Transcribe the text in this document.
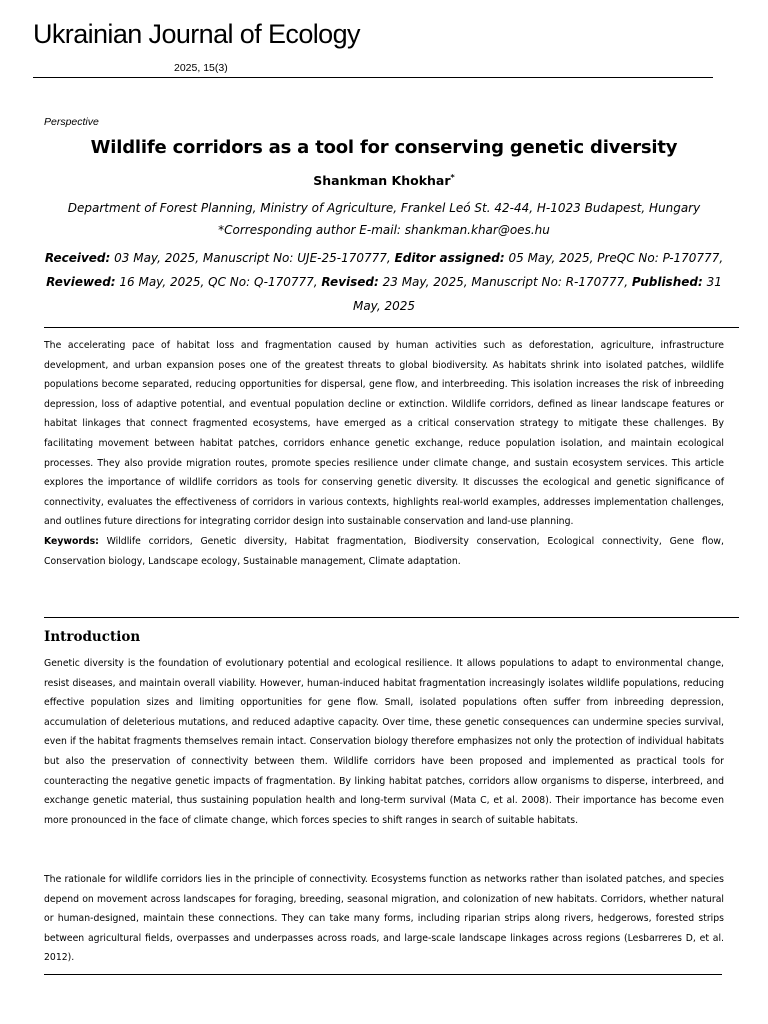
Ukrainian Journal of Ecology
2025, 15(3)
Perspective
Wildlife corridors as a tool for conserving genetic diversity
Shankman Khokhar*
Department of Forest Planning, Ministry of Agriculture, Frankel Leó St. 42-44, H-1023 Budapest, Hungary
*Corresponding author E-mail: shankman.khar@oes.hu
Received: 03 May, 2025, Manuscript No: UJE-25-170777, Editor assigned: 05 May, 2025, PreQC No: P-170777, Reviewed: 16 May, 2025, QC No: Q-170777, Revised: 23 May, 2025, Manuscript No: R-170777, Published: 31 May, 2025
The accelerating pace of habitat loss and fragmentation caused by human activities such as deforestation, agriculture, infrastructure development, and urban expansion poses one of the greatest threats to global biodiversity. As habitats shrink into isolated patches, wildlife populations become separated, reducing opportunities for dispersal, gene flow, and interbreeding. This isolation increases the risk of inbreeding depression, loss of adaptive potential, and eventual population decline or extinction. Wildlife corridors, defined as linear landscape features or habitat linkages that connect fragmented ecosystems, have emerged as a critical conservation strategy to mitigate these challenges. By facilitating movement between habitat patches, corridors enhance genetic exchange, reduce population isolation, and maintain ecological processes. They also provide migration routes, promote species resilience under climate change, and sustain ecosystem services. This article explores the importance of wildlife corridors as tools for conserving genetic diversity. It discusses the ecological and genetic significance of connectivity, evaluates the effectiveness of corridors in various contexts, highlights real-world examples, addresses implementation challenges, and outlines future directions for integrating corridor design into sustainable conservation and land-use planning.
Keywords: Wildlife corridors, Genetic diversity, Habitat fragmentation, Biodiversity conservation, Ecological connectivity, Gene flow, Conservation biology, Landscape ecology, Sustainable management, Climate adaptation.
Introduction
Genetic diversity is the foundation of evolutionary potential and ecological resilience. It allows populations to adapt to environmental change, resist diseases, and maintain overall viability. However, human-induced habitat fragmentation increasingly isolates wildlife populations, reducing effective population sizes and limiting opportunities for gene flow. Small, isolated populations often suffer from inbreeding depression, accumulation of deleterious mutations, and reduced adaptive capacity. Over time, these genetic consequences can undermine species survival, even if the habitat fragments themselves remain intact. Conservation biology therefore emphasizes not only the protection of individual habitats but also the preservation of connectivity between them. Wildlife corridors have been proposed and implemented as practical tools for counteracting the negative genetic impacts of fragmentation. By linking habitat patches, corridors allow organisms to disperse, interbreed, and exchange genetic material, thus sustaining population health and long-term survival (Mata C, et al. 2008). Their importance has become even more pronounced in the face of climate change, which forces species to shift ranges in search of suitable habitats.
The rationale for wildlife corridors lies in the principle of connectivity. Ecosystems function as networks rather than isolated patches, and species depend on movement across landscapes for foraging, breeding, seasonal migration, and colonization of new habitats. Corridors, whether natural or human-designed, maintain these connections. They can take many forms, including riparian strips along rivers, hedgerows, forested strips between agricultural fields, overpasses and underpasses across roads, and large-scale landscape linkages across regions (Lesbarreres D, et al. 2012).
